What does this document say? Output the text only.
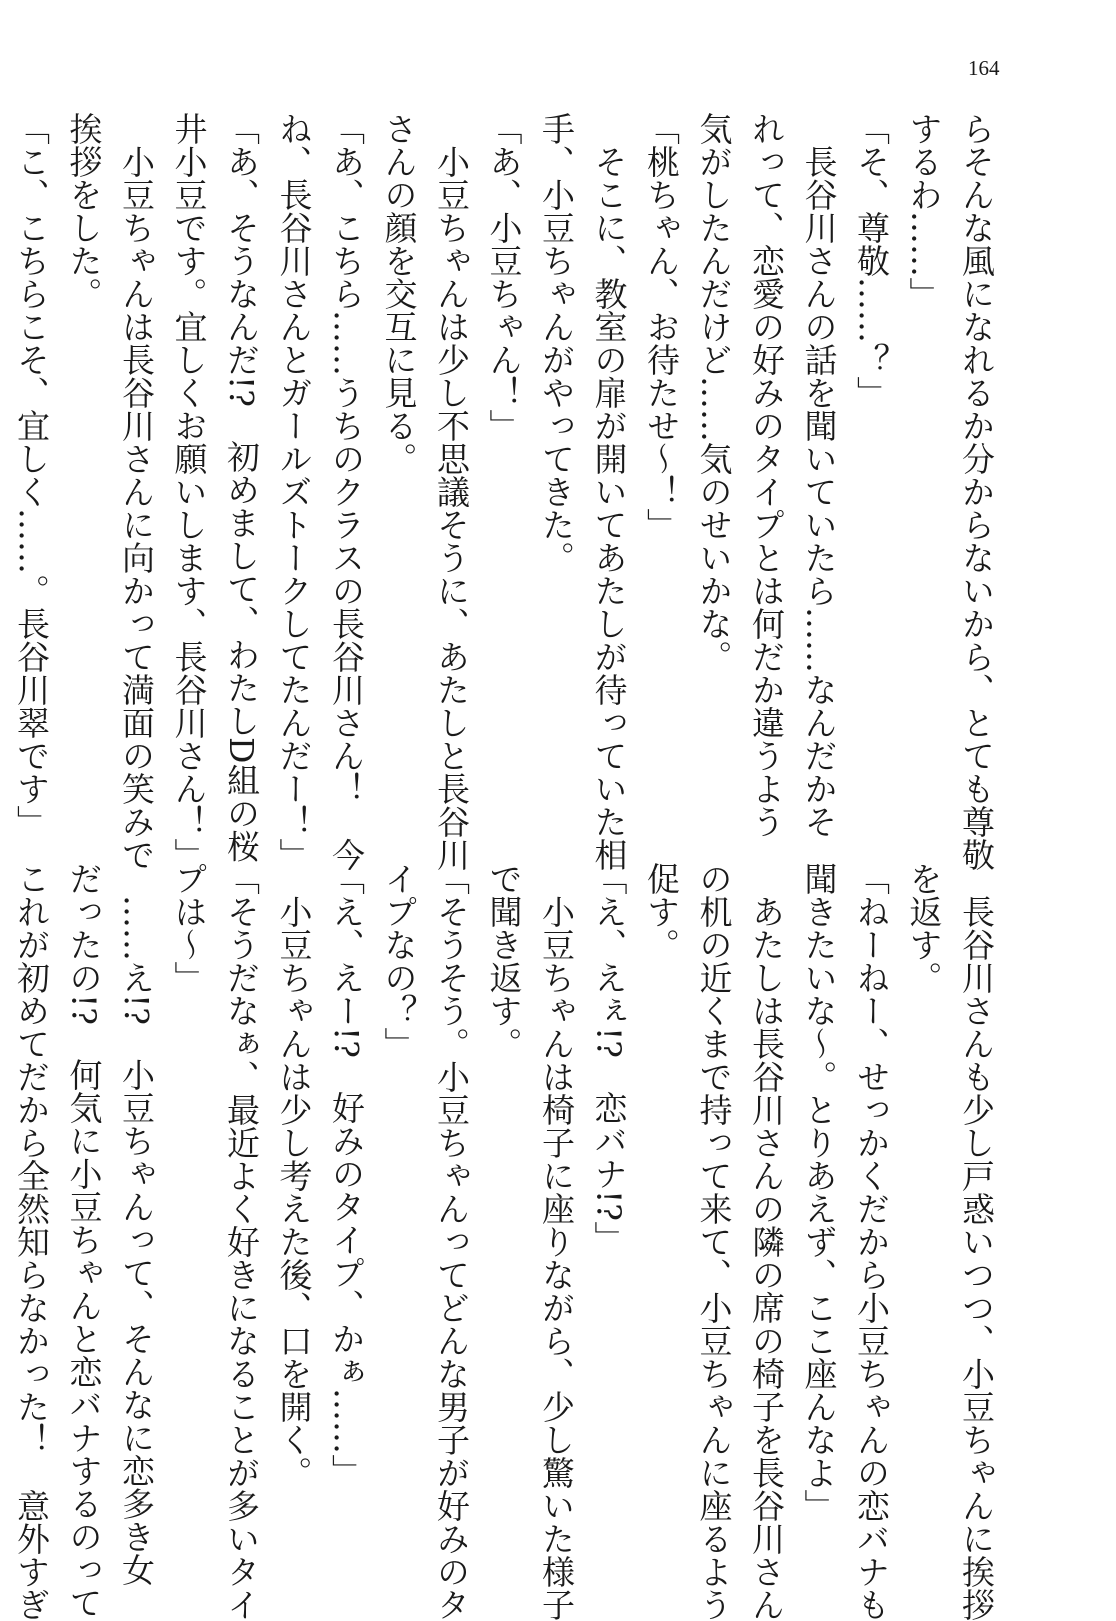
164
らそんな風になれるか分からないから、とても尊敬
するわ……」
「そ、尊敬……？」
長谷川さんの話を聞いていたら……なんだかそ
れって、恋愛の好みのタイプとは何だか違うよう
気がしたんだけど……気のせいかな。
「桃ちゃん、お待たせ～！」
そこに、教室の扉が開いてあたしが待っていた相
手、小豆ちゃんがやってきた。
「あ、小豆ちゃん！」
小豆ちゃんは少し不思議そうに、あたしと長谷川
さんの顔を交互に見る。
「あ、こちら……うちのクラスの長谷川さん！　今
ね、長谷川さんとガールズトークしてたんだー！」
「あ、そうなんだ!?　初めまして、わたしD組の桜
井小豆です。宜しくお願いします、長谷川さん！」
小豆ちゃんは長谷川さんに向かって満面の笑みで
挨拶をした。
「こ、こちらこそ、宜しく……。長谷川翠です」
長谷川さんも少し戸惑いつつ、小豆ちゃんに挨拶
を返す。
「ねーねー、せっかくだから小豆ちゃんの恋バナも
聞きたいな～。とりあえず、ここ座んなよ」
あたしは長谷川さんの隣の席の椅子を長谷川さん
の机の近くまで持って来て、小豆ちゃんに座るよう
促す。
「え、えぇ!?　恋バナ!?」
小豆ちゃんは椅子に座りながら、少し驚いた様子
で聞き返す。
「そうそう。小豆ちゃんってどんな男子が好みのタ
イプなの？」
「え、えー!?　好みのタイプ、かぁ……」
小豆ちゃんは少し考えた後、口を開く。
「そうだなぁ、最近よく好きになることが多いタイ
プは～」
……え!?　小豆ちゃんって、そんなに恋多き女
だったの!?　何気に小豆ちゃんと恋バナするのって
これが初めてだから全然知らなかった！　意外すぎ
